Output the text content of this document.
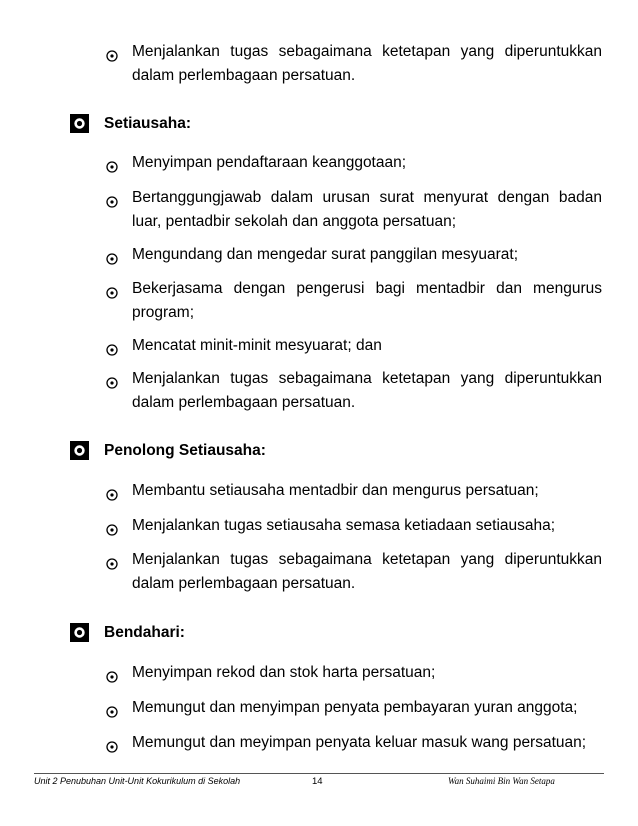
Menjalankan tugas sebagaimana ketetapan yang diperuntukkan dalam perlembagaan persatuan.
Setiausaha:
Menyimpan pendaftaraan keanggotaan;
Bertanggungjawab dalam urusan surat menyurat dengan badan luar, pentadbir sekolah dan anggota persatuan;
Mengundang dan mengedar surat panggilan mesyuarat;
Bekerjasama dengan pengerusi bagi mentadbir dan mengurus program;
Mencatat minit-minit mesyuarat; dan
Menjalankan tugas sebagaimana ketetapan yang diperuntukkan dalam perlembagaan persatuan.
Penolong Setiausaha:
Membantu setiausaha mentadbir dan mengurus persatuan;
Menjalankan tugas setiausaha semasa ketiadaan setiausaha;
Menjalankan tugas sebagaimana ketetapan yang diperuntukkan dalam perlembagaan persatuan.
Bendahari:
Menyimpan rekod dan stok harta persatuan;
Memungut dan menyimpan penyata pembayaran yuran anggota;
Memungut dan meyimpan penyata keluar masuk wang persatuan;
Unit 2 Penubuhan Unit-Unit Kokurikulum di Sekolah	14	Wan Suhaimi Bin Wan Setapa
